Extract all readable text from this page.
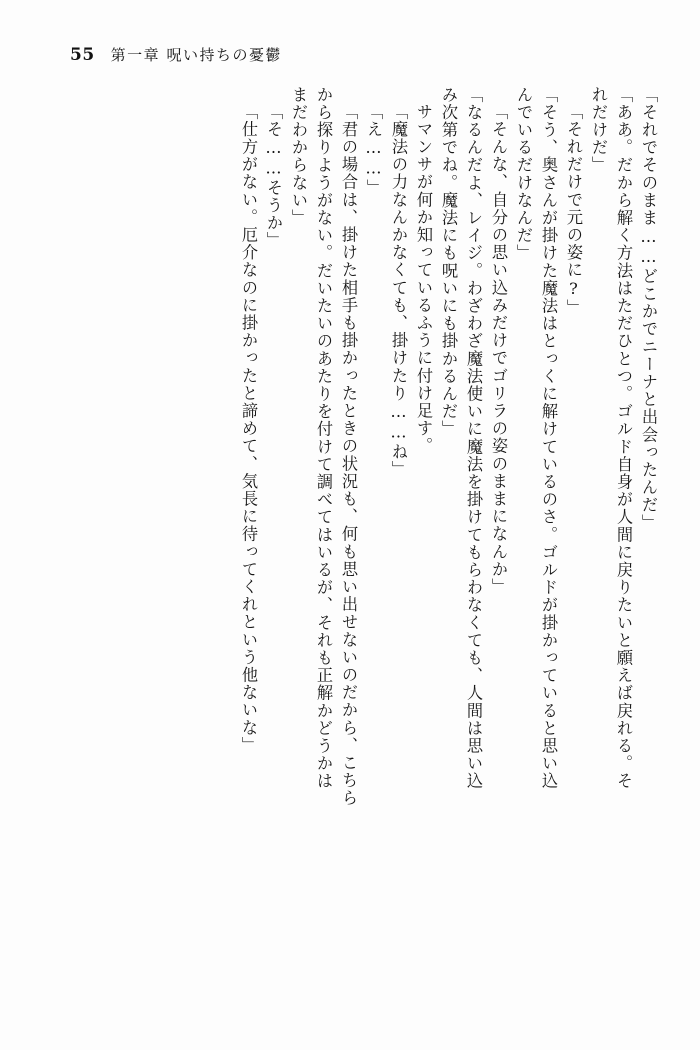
55 第一章 呪い持ちの憂鬱
「それでそのまま……どこかでニーナと出会ったんだ」
「ああ。だから解く方法はただひとつ。ゴルド自身が人間に戻りたいと願えば戻れる。そ
れだけだ」
「それだけで元の姿に?」
「そう、奥さんが掛けた魔法はとっくに解けているのさ。ゴルドが掛かっていると思い込
んでいるだけなんだ」
「そんな、自分の思い込みだけでゴリラの姿のままになんか」
「なるんだよ、レイジ。わざわざ魔法使いに魔法を掛けてもらわなくても、人間は思い込
み次第でね。魔法にも呪いにも掛かるんだ」
サマンサが何か知っているふうに付け足す。
「魔法の力なんかなくても、掛けたり……ね」
「え……」
「君の場合は、掛けた相手も掛かったときの状況も、何も思い出せないのだから、こちら
から探りようがない。だいたいのあたりを付けて調べてはいるが、それも正解かどうかは
まだわからない」
「そ……そうか」
「仕方がない。厄介なのに掛かったと諦めて、気長に待ってくれという他ないな」
